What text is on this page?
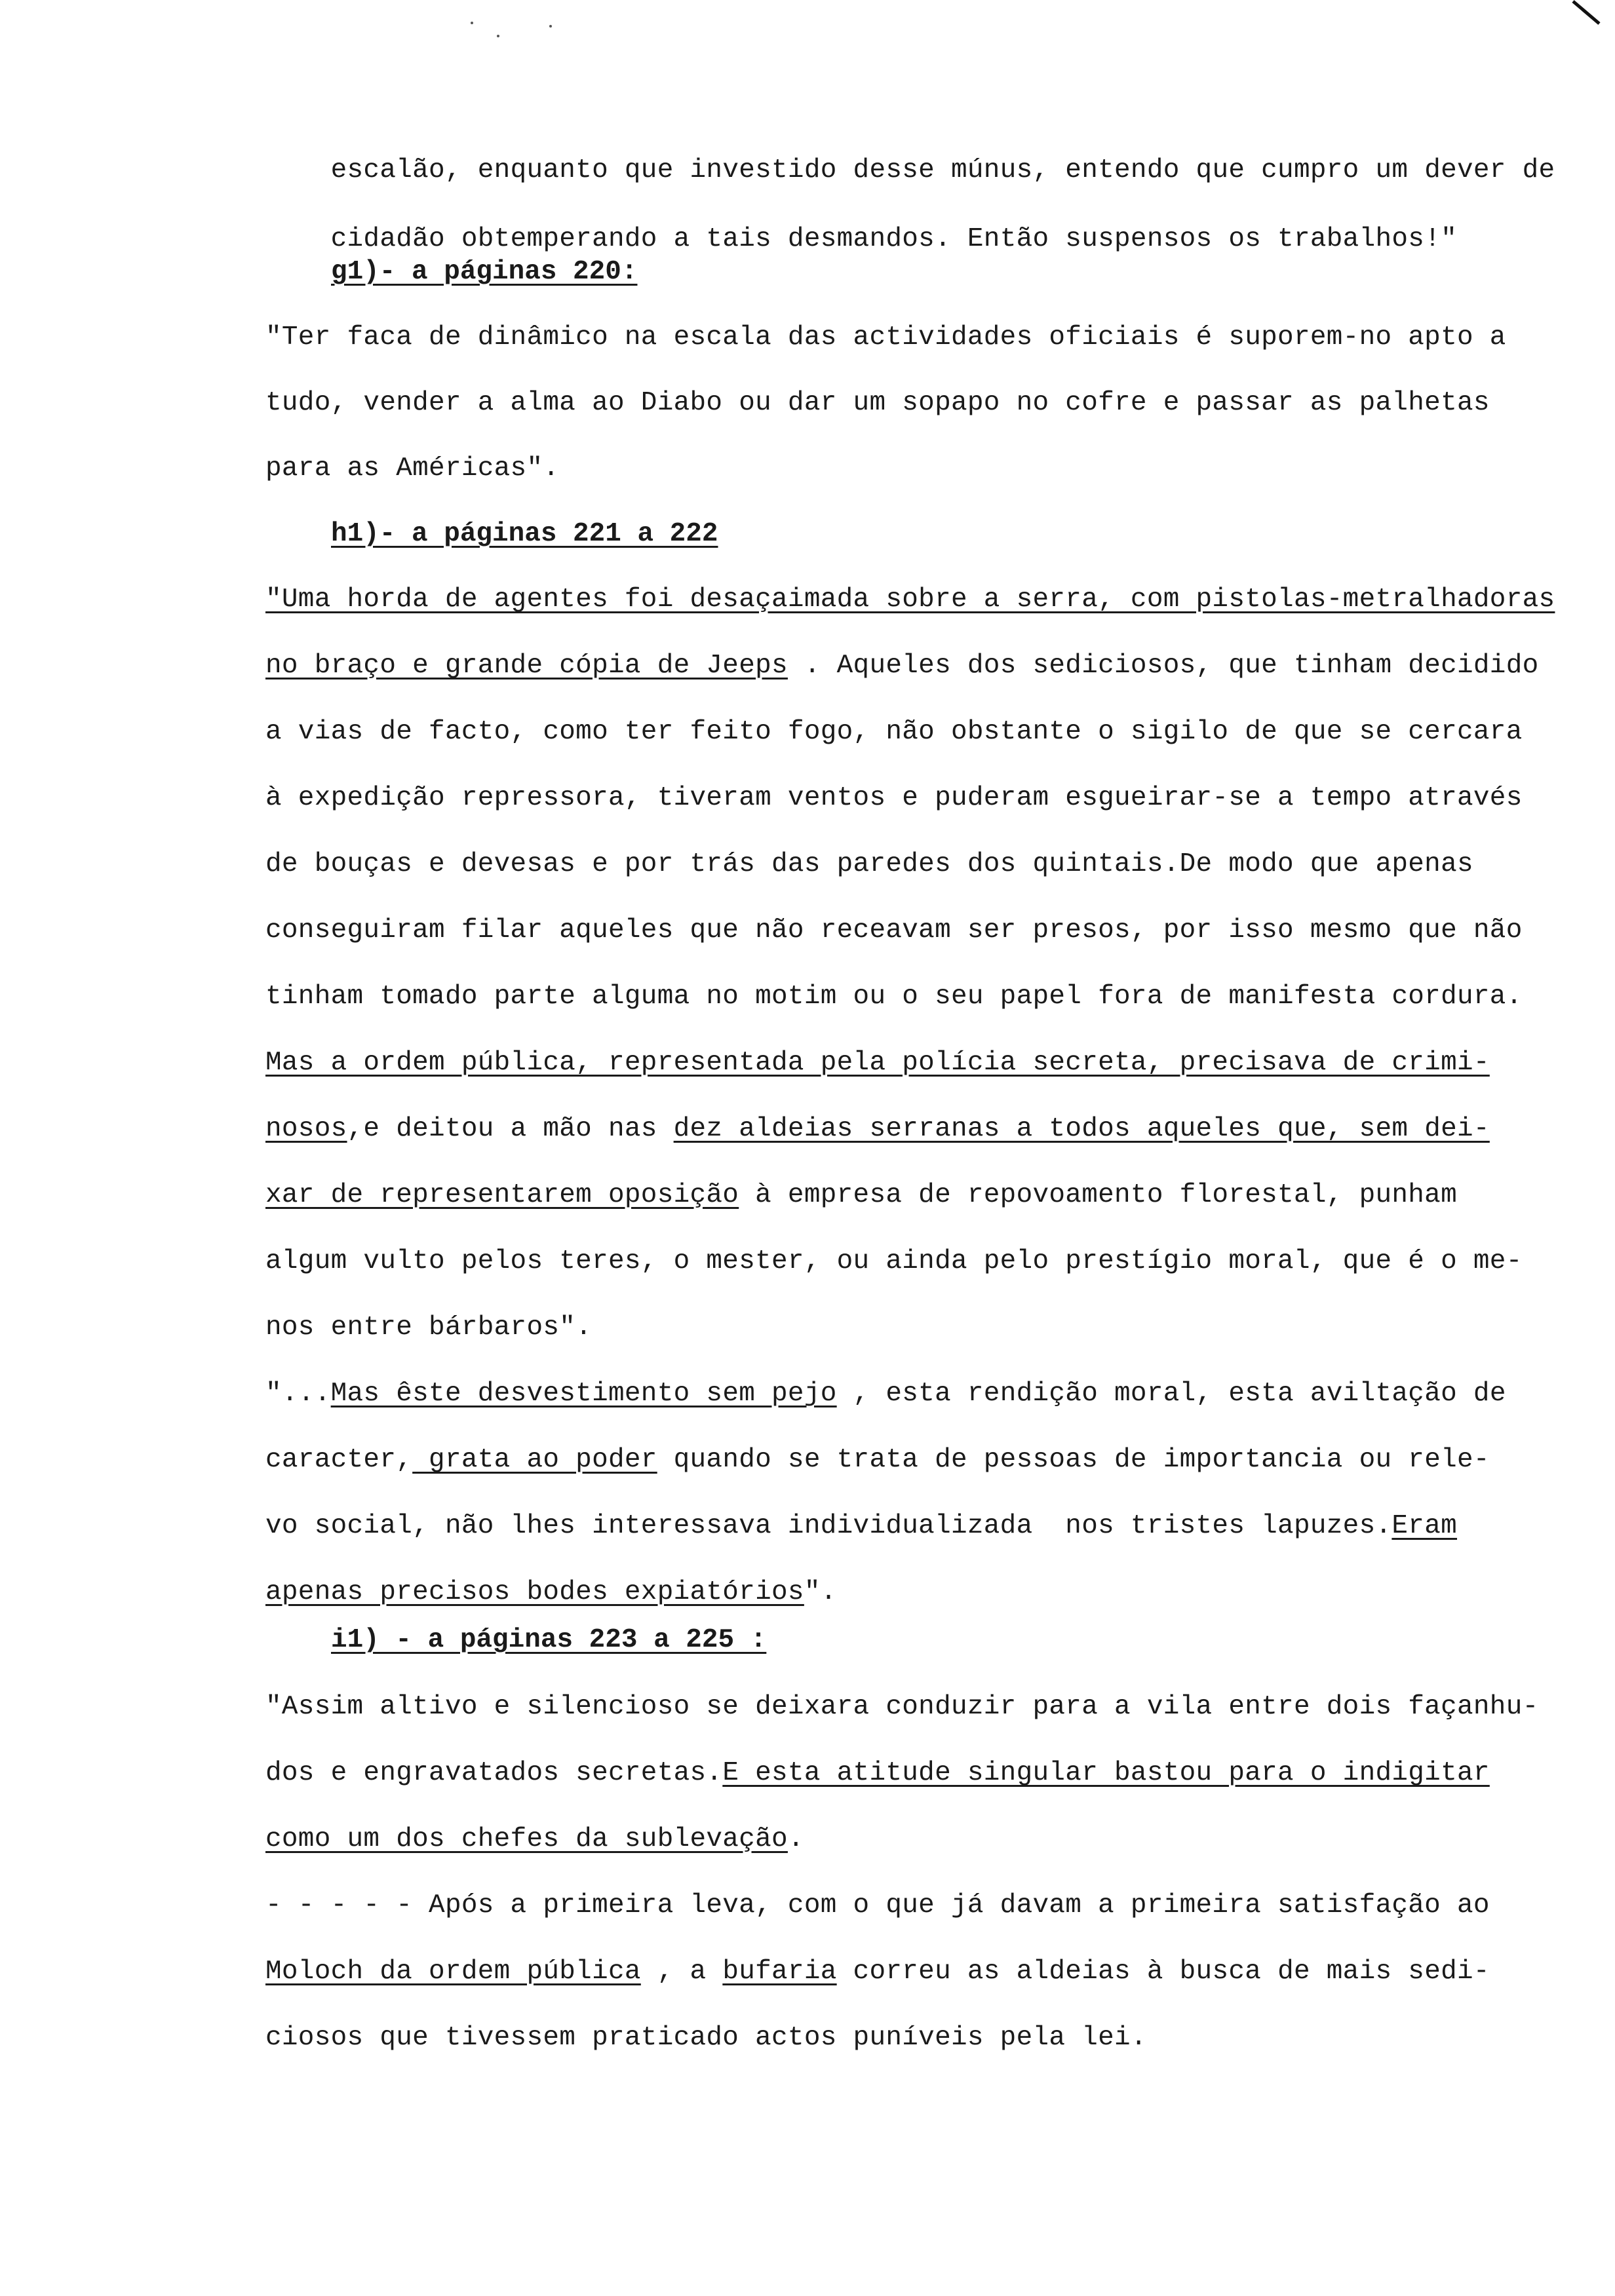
escalão, enquanto que investido desse múnus, entendo que cumpro um dever de

cidadão obtemperando a tais desmandos. Então suspensos os trabalhos!"

g1)- a páginas 220:
"Ter faca de dinâmico na escala das actividades oficiais é suporem-no apto a
tudo, vender a alma ao Diabo ou dar um sopapo no cofre e passar as palhetas
para as Américas".
h1)- a páginas 221 a 222
"Uma horda de agentes foi desaçaimada sobre a serra, com pistolas-metralhadoras
no braço e grande cópia de Jeeps . Aqueles dos sediciosos, que tinham decidido
a vias de facto, como ter feito fogo, não obstante o sigilo de que se cercara
à expedição repressora, tiveram ventos e puderam esgueirar-se a tempo através
de bouças e devesas e por trás das paredes dos quintais.De modo que apenas
conseguiram filar aqueles que não receavam ser presos, por isso mesmo que não
tinham tomado parte alguma no motim ou o seu papel fora de manifesta cordura.
Mas a ordem pública, representada pela polícia secreta, precisava de crimi-
nosos,e deitou a mão nas dez aldeias serranas a todos aqueles que, sem dei-
xar de representarem oposição à empresa de repovoamento florestal, punham
algum vulto pelos teres, o mester, ou ainda pelo prestígio moral, que é o me-
nos entre bárbaros".
"...Mas êste desvestimento sem pejo , esta rendição moral, esta aviltação de
caracter, grata ao poder quando se trata de pessoas de importancia ou rele-
vo social, não lhes interessava individualizada  nos tristes lapuzes.Eram
apenas precisos bodes expiatórios".
i1) - a páginas 223 a 225 :
"Assim altivo e silencioso se deixara conduzir para a vila entre dois façanhu-
dos e engravatados secretas.E esta atitude singular bastou para o indigitar
como um dos chefes da sublevação.
- - - - - Após a primeira leva, com o que já davam a primeira satisfação ao
Moloch da ordem pública , a bufaria correu as aldeias à busca de mais sedi-
ciosos que tivessem praticado actos puníveis pela lei.
